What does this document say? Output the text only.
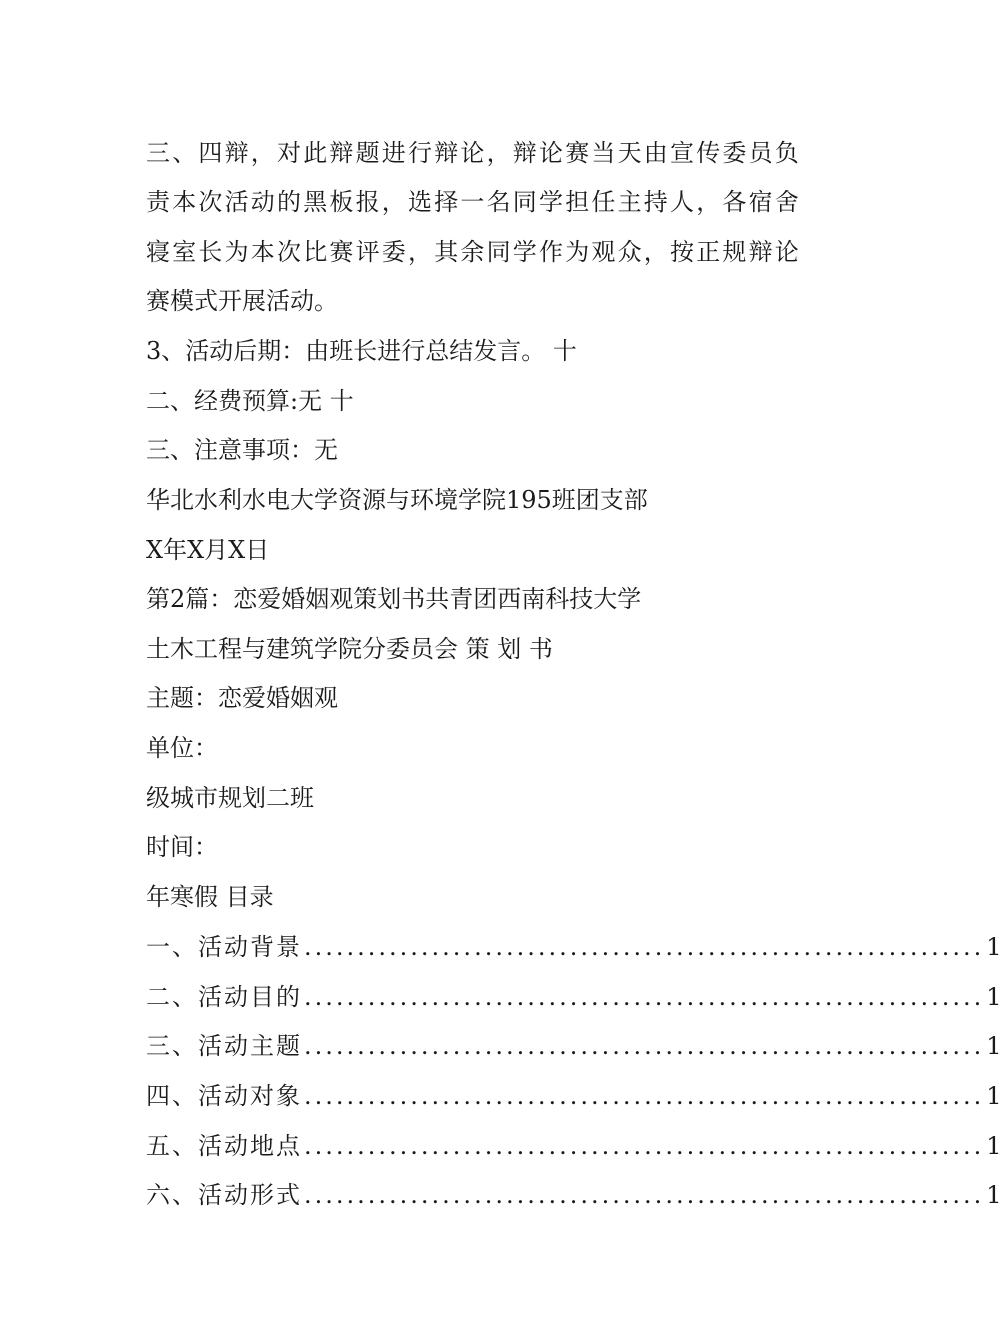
三、四辩，对此辩题进行辩论，辩论赛当天由宣传委员负
责本次活动的黑板报，选择一名同学担任主持人，各宿舍
寝室长为本次比赛评委，其余同学作为观众，按正规辩论
赛模式开展活动。
3、活动后期：由班长进行总结发言。 十
二、经费预算:无 十
三、注意事项：无
华北水利水电大学资源与环境学院195班团支部
X年X月X日
第2篇：恋爱婚姻观策划书共青团西南科技大学
土木工程与建筑学院分委员会 策 划 书
主题：恋爱婚姻观
单位：
级城市规划二班
时间：
年寒假 目录
一、活动背景 ................................................................ 1
二、活动目的 ................................................................ 1
三、活动主题 ................................................................ 1
四、活动对象 ................................................................ 1
五、活动地点 ................................................................ 1
六、活动形式 ................................................................ 1
